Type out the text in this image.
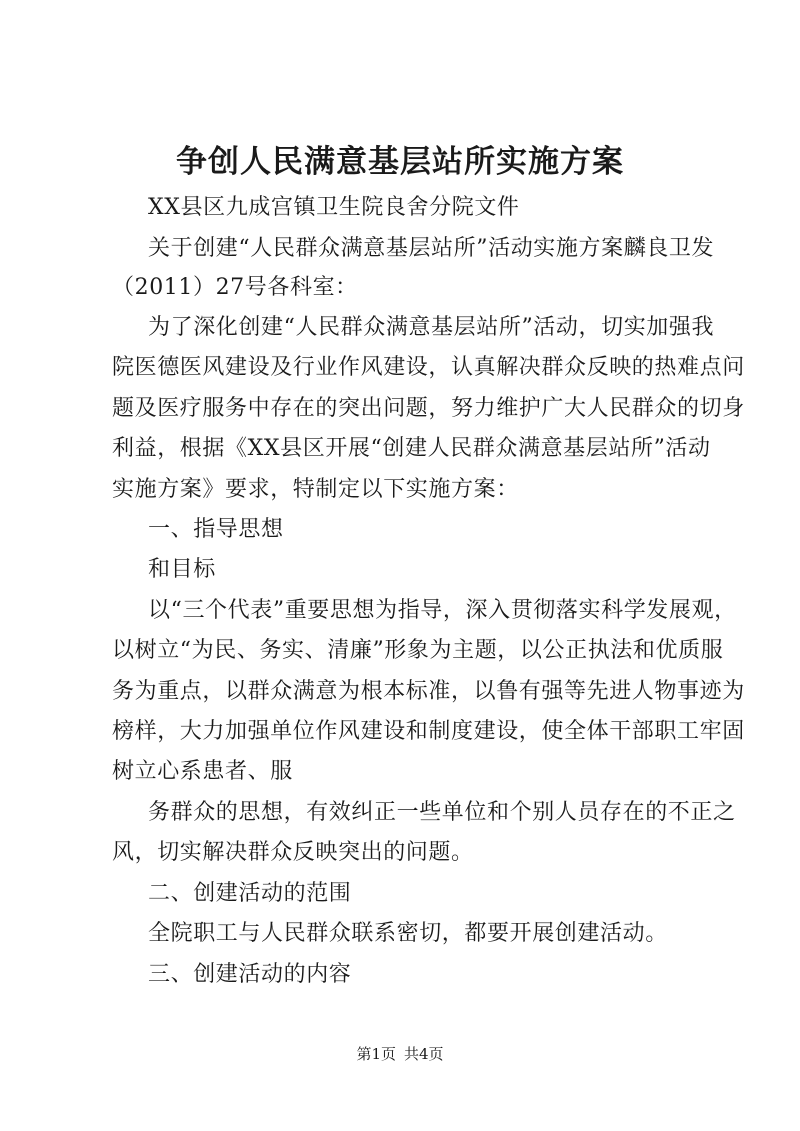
争创人民满意基层站所实施方案
XX县区九成宫镇卫生院良舍分院文件
关于创建“人民群众满意基层站所”活动实施方案麟良卫发
（2011）27号各科室：
为了深化创建“人民群众满意基层站所”活动，切实加强我
院医德医风建设及行业作风建设，认真解决群众反映的热难点问
题及医疗服务中存在的突出问题，努力维护广大人民群众的切身
利益，根据《XX县区开展“创建人民群众满意基层站所”活动
实施方案》要求，特制定以下实施方案：
一、指导思想
和目标
以“三个代表”重要思想为指导，深入贯彻落实科学发展观，
以树立“为民、务实、清廉”形象为主题，以公正执法和优质服
务为重点，以群众满意为根本标准，以鲁有强等先进人物事迹为
榜样，大力加强单位作风建设和制度建设，使全体干部职工牢固
树立心系患者、服
务群众的思想，有效纠正一些单位和个别人员存在的不正之
风，切实解决群众反映突出的问题。
二、创建活动的范围
全院职工与人民群众联系密切，都要开展创建活动。
三、创建活动的内容
第1页 共4页
